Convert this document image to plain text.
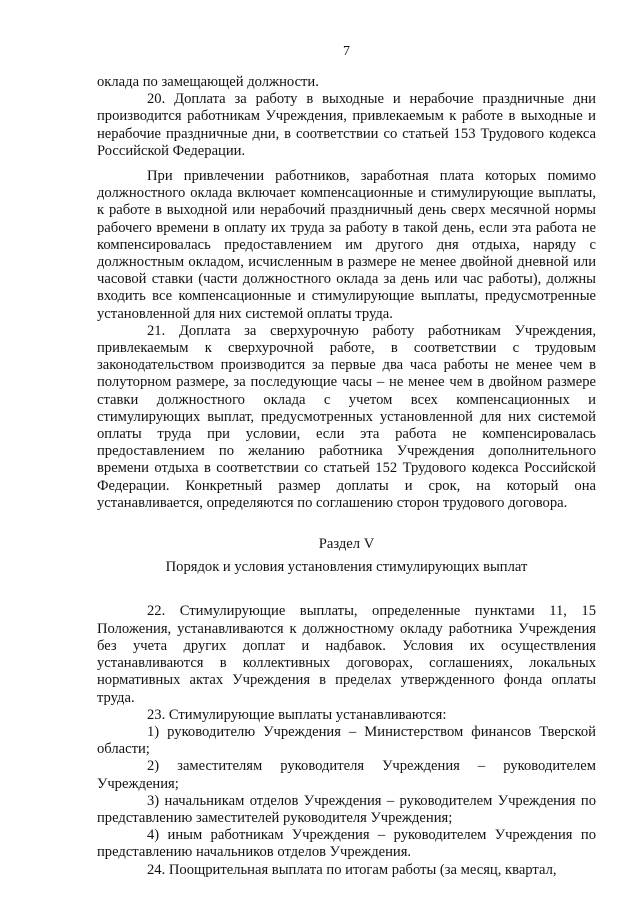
7

оклада по замещающей должности.

20. Доплата за работу в выходные и нерабочие праздничные дни производится работникам Учреждения, привлекаемым к работе в выходные и нерабочие праздничные дни, в соответствии со статьей 153 Трудового кодекса Российской Федерации.

При привлечении работников, заработная плата которых помимо должностного оклада включает компенсационные и стимулирующие выплаты, к работе в выходной или нерабочий праздничный день сверх месячной нормы рабочего времени в оплату их труда за работу в такой день, если эта работа не компенсировалась предоставлением им другого дня отдыха, наряду с должностным окладом, исчисленным в размере не менее двойной дневной или часовой ставки (части должностного оклада за день или час работы), должны входить все компенсационные и стимулирующие выплаты, предусмотренные установленной для них системой оплаты труда.

21. Доплата за сверхурочную работу работникам Учреждения, привлекаемым к сверхурочной работе, в соответствии с трудовым законодательством производится за первые два часа работы не менее чем в полуторном размере, за последующие часы – не менее чем в двойном размере ставки должностного оклада с учетом всех компенсационных и стимулирующих выплат, предусмотренных установленной для них системой оплаты труда при условии, если эта работа не компенсировалась предоставлением по желанию работника Учреждения дополнительного времени отдыха в соответствии со статьей 152 Трудового кодекса Российской Федерации. Конкретный размер доплаты и срок, на который она устанавливается, определяются по соглашению сторон трудового договора.

Раздел V
Порядок и условия установления стимулирующих выплат

22. Стимулирующие выплаты, определенные пунктами 11, 15 Положения, устанавливаются к должностному окладу работника Учреждения без учета других доплат и надбавок. Условия их осуществления устанавливаются в коллективных договорах, соглашениях, локальных нормативных актах Учреждения в пределах утвержденного фонда оплаты труда.

23. Стимулирующие выплаты устанавливаются:

1) руководителю Учреждения – Министерством финансов Тверской области;

2) заместителям руководителя Учреждения – руководителем Учреждения;

3) начальникам отделов Учреждения – руководителем Учреждения по представлению заместителей руководителя Учреждения;

4) иным работникам Учреждения – руководителем Учреждения по представлению начальников отделов Учреждения.

24. Поощрительная выплата по итогам работы (за месяц, квартал,
